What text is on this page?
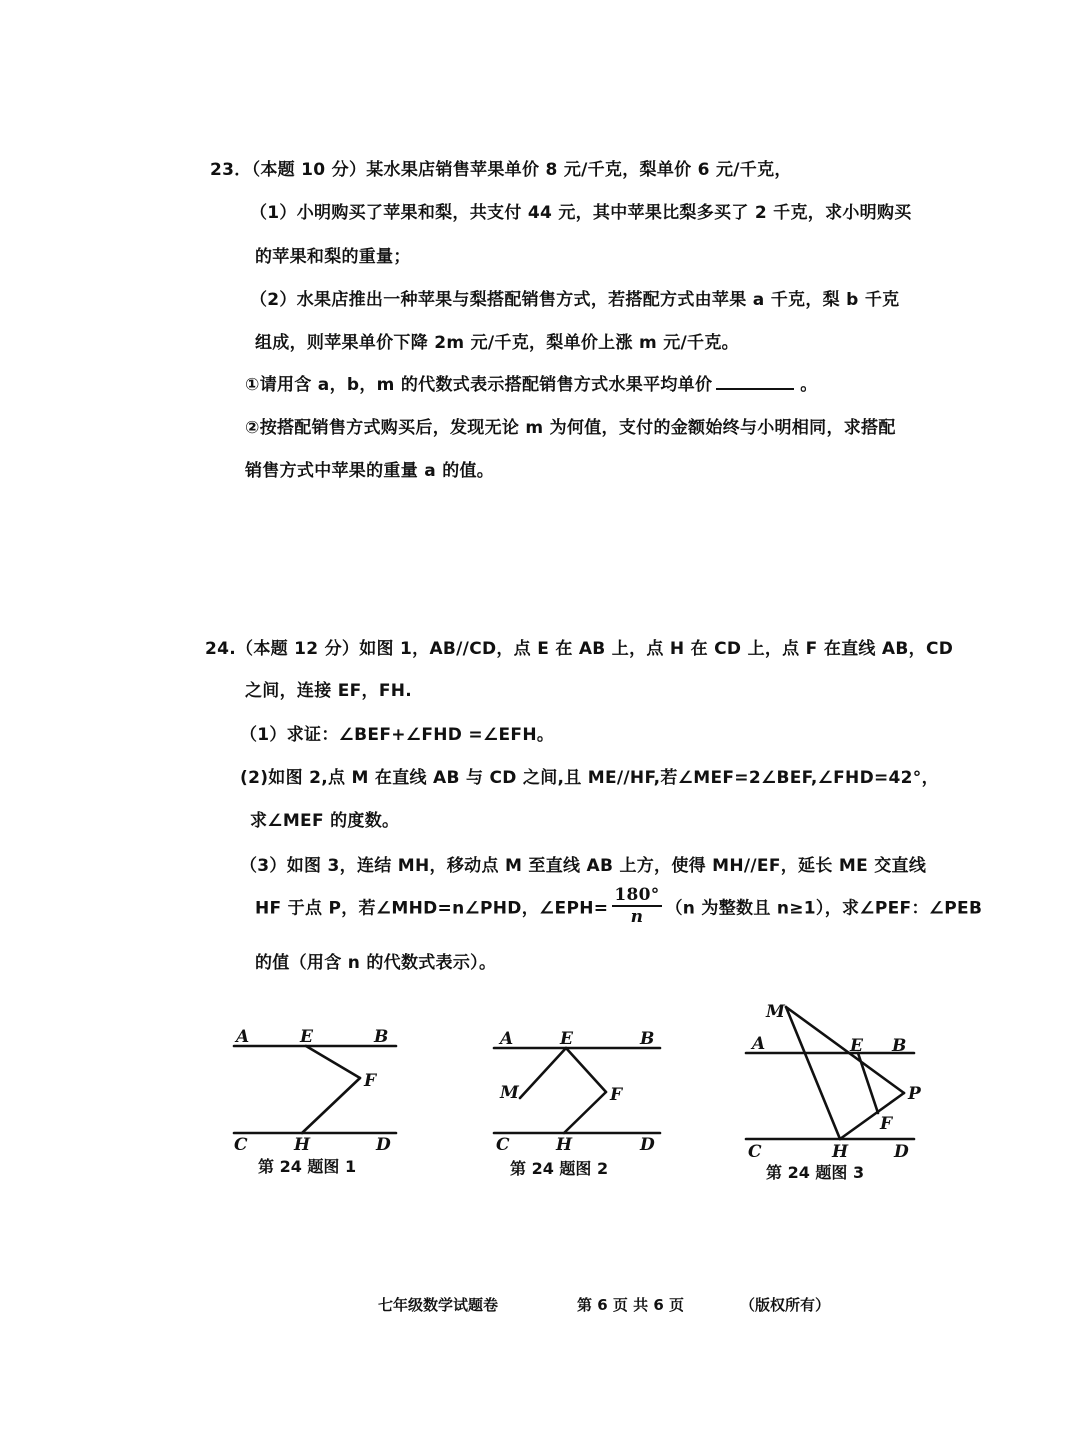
23．（本题 10 分）某水果店销售苹果单价 8 元/千克，梨单价 6 元/千克，
（1）小明购买了苹果和梨，共支付 44 元，其中苹果比梨多买了 2 千克，求小明购买
的苹果和梨的重量；
（2）水果店推出一种苹果与梨搭配销售方式，若搭配方式由苹果 a 千克，梨 b 千克
组成，则苹果单价下降 2m 元/千克，梨单价上涨 m 元/千克。
①请用含 a，b，m 的代数式表示搭配销售方式水果平均单价	。
②按搭配销售方式购买后，发现无论 m 为何值，支付的金额始终与小明相同，求搭配
销售方式中苹果的重量 a 的值。
24.（本题 12 分）如图 1，AB//CD，点 E 在 AB 上，点 H 在 CD 上，点 F 在直线 AB，CD
之间，连接 EF，FH.
（1）求证：∠BEF+∠FHD =∠EFH。
(2)如图 2,点 M 在直线 AB 与 CD 之间,且 ME//HF,若∠MEF=2∠BEF,∠FHD=42°，
求∠MEF 的度数。
（3）如图 3，连结 MH，移动点 M 至直线 AB 上方，使得 MH//EF，延长 ME 交直线
HF 于点 P，若∠MHD=n∠PHD，∠EPH= $\frac{180^\circ}{n} (n$ 为整数且 n≥1），求∠PEF：∠PEB
的值（用含 n 的代数式表示）。
A	E	B
F
C	H	D
第 24 题图 1
A	E	B
M	F
C	H	D
第 24 题图 2
M
A	E B
P
F
C	H	D
第 24 题图 3
七年级数学试题卷	第 6 页 共 6 页	（版权所有）
